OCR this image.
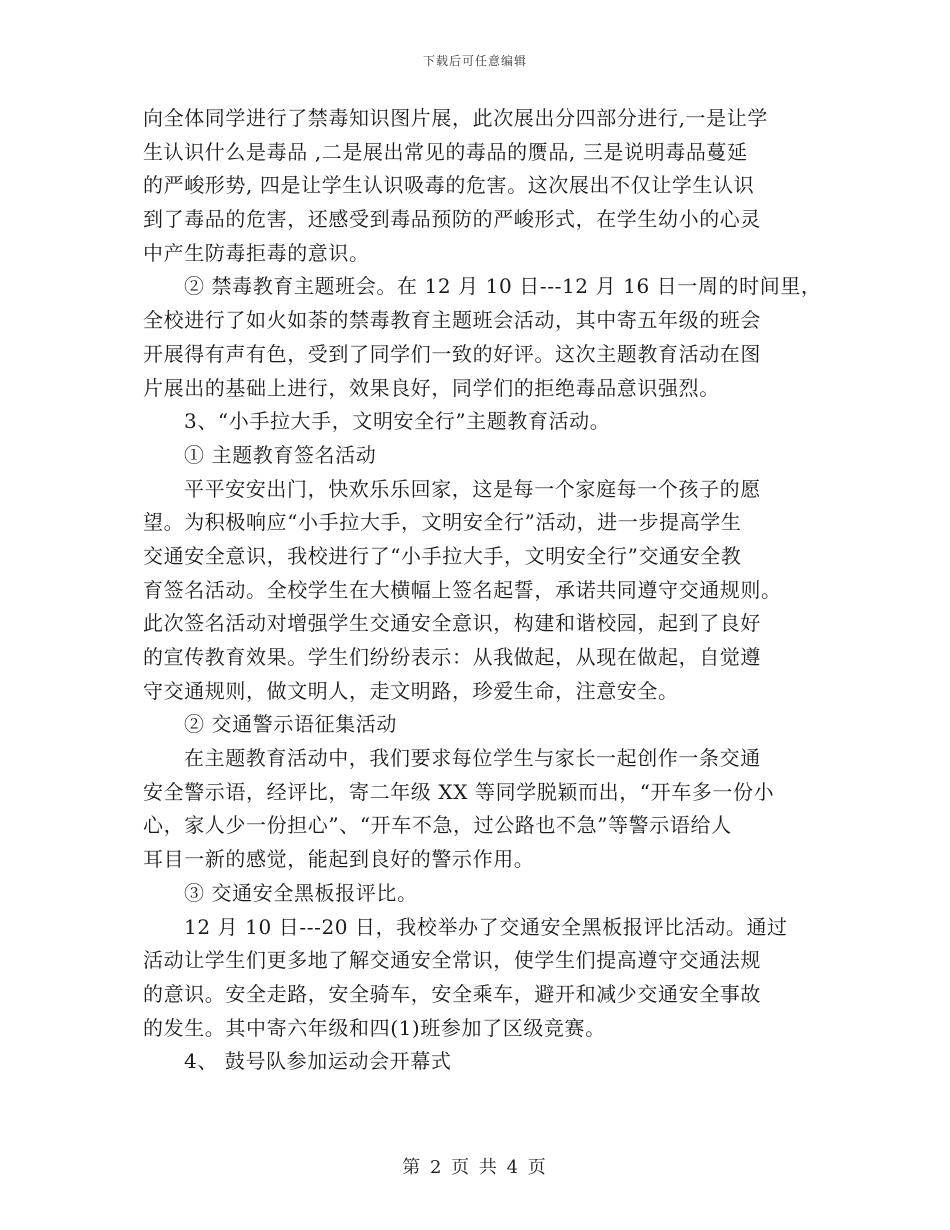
下载后可任意编辑
向全体同学进行了禁毒知识图片展，此次展出分四部分进行,一是让学
生认识什么是毒品 ,二是展出常见的毒品的赝品, 三是说明毒品蔓延
的严峻形势, 四是让学生认识吸毒的危害。这次展出不仅让学生认识
到了毒品的危害，还感受到毒品预防的严峻形式，在学生幼小的心灵
中产生防毒拒毒的意识。
② 禁毒教育主题班会。在 12 月 10 日---12 月 16 日一周的时间里，
全校进行了如火如荼的禁毒教育主题班会活动，其中寄五年级的班会
开展得有声有色，受到了同学们一致的好评。这次主题教育活动在图
片展出的基础上进行，效果良好，同学们的拒绝毒品意识强烈。
3、“小手拉大手，文明安全行”主题教育活动。
① 主题教育签名活动
平平安安出门，快欢乐乐回家，这是每一个家庭每一个孩子的愿
望。为积极响应“小手拉大手，文明安全行”活动，进一步提高学生
交通安全意识，我校进行了“小手拉大手，文明安全行”交通安全教
育签名活动。全校学生在大横幅上签名起誓，承诺共同遵守交通规则。
此次签名活动对增强学生交通安全意识，构建和谐校园，起到了良好
的宣传教育效果。学生们纷纷表示：从我做起，从现在做起，自觉遵
守交通规则，做文明人，走文明路，珍爱生命，注意安全。
② 交通警示语征集活动
在主题教育活动中，我们要求每位学生与家长一起创作一条交通
安全警示语，经评比，寄二年级 XX 等同学脱颖而出，“开车多一份小
心，家人少一份担心”、“开车不急，过公路也不急”等警示语给人
耳目一新的感觉，能起到良好的警示作用。
③ 交通安全黑板报评比。
12 月 10 日---20 日，我校举办了交通安全黑板报评比活动。通过
活动让学生们更多地了解交通安全常识，使学生们提高遵守交通法规
的意识。安全走路，安全骑车，安全乘车，避开和减少交通安全事故
的发生。其中寄六年级和四(1)班参加了区级竞赛。
4、 鼓号队参加运动会开幕式
第 2 页 共 4 页
